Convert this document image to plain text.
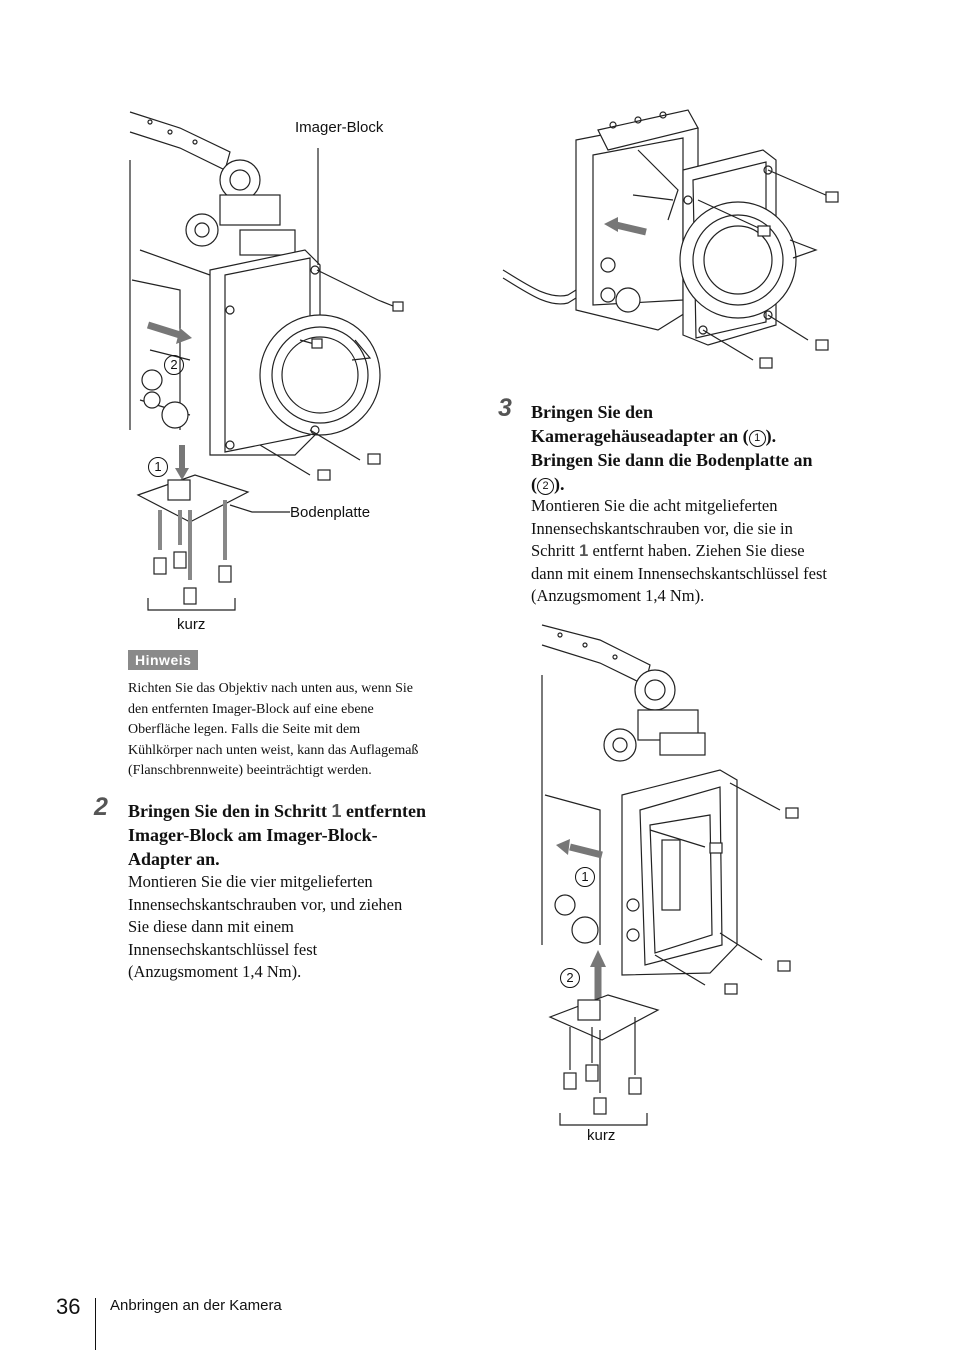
Imager-Block
Bodenplatte
kurz
2
1
Hinweis
Richten Sie das Objektiv nach unten aus, wenn Sie
den entfernten Imager-Block auf eine ebene
Oberfläche legen. Falls die Seite mit dem
Kühlkörper nach unten weist, kann das Auflagemaß
(Flanschbrennweite) beeinträchtigt werden.
2 Bringen Sie den in Schritt 1 entfernten
Imager-Block am Imager-Block-
Adapter an.
Montieren Sie die vier mitgelieferten
Innensechskantschrauben vor, und ziehen
Sie diese dann mit einem
Innensechskantschlüssel fest
(Anzugsmoment 1,4 Nm).
3 Bringen Sie den
Kameragehäuseadapter an ( 1 ).
Bringen Sie dann die Bodenplatte an
( 2 ).
Montieren Sie die acht mitgelieferten
Innensechskantschrauben vor, die sie in
Schritt 1 entfernt haben. Ziehen Sie diese
dann mit einem Innensechskantschlüssel fest
(Anzugsmoment 1,4 Nm).
1
2
kurz
36 Anbringen an der Kamera
